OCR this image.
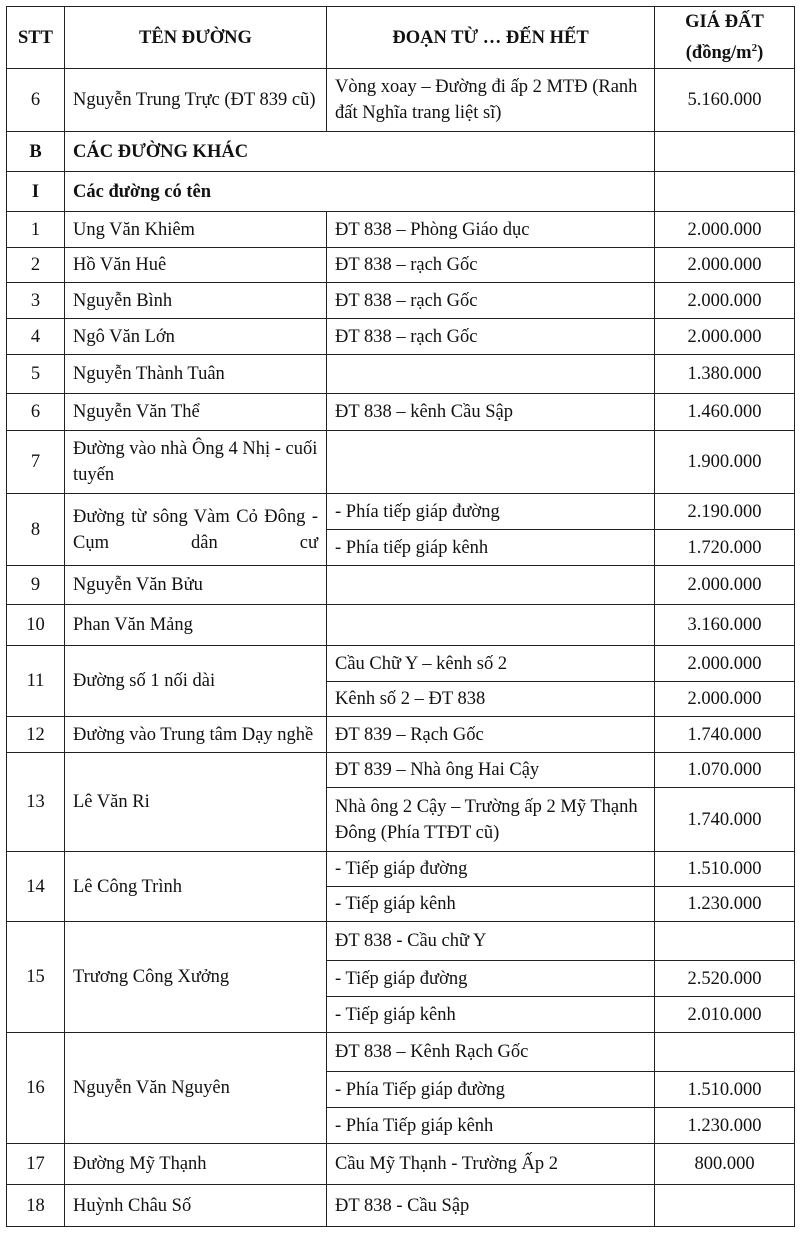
STT	TÊN ĐƯỜNG	ĐOẠN TỪ … ĐẾN HẾT	GIÁ ĐẤT
$(đồng/m^2)$
6	Nguyễn Trung Trực (ĐT 839 cũ)	Vòng xoay – Đường đi ấp 2 MTĐ (Ranh đất Nghĩa trang liệt sĩ)	5.160.000
B	CÁC ĐƯỜNG KHÁC		
I	Các đường có tên		
1	Ung Văn Khiêm	ĐT 838 – Phòng Giáo dục	2.000.000
2	Hồ Văn Huê	ĐT 838 – rạch Gốc	2.000.000
3	Nguyễn Bình	ĐT 838 – rạch Gốc	2.000.000
4	Ngô Văn Lớn	ĐT 838 – rạch Gốc	2.000.000
5	Nguyễn Thành Tuân		1.380.000
6	Nguyễn Văn Thể	ĐT 838 – kênh Cầu Sập	1.460.000
7	Đường vào nhà Ông 4 Nhị - cuối tuyến		1.900.000
8	Đường từ sông Vàm Cỏ Đông - Cụm dân cư	- Phía tiếp giáp đường	2.190.000
		- Phía tiếp giáp kênh	1.720.000
9	Nguyễn Văn Bửu		2.000.000
10	Phan Văn Mảng		3.160.000
11	Đường số 1 nối dài	Cầu Chữ Y – kênh số 2	2.000.000
		Kênh số 2 – ĐT 838	2.000.000
12	Đường vào Trung tâm Dạy nghề	ĐT 839 – Rạch Gốc	1.740.000
13	Lê Văn Ri	ĐT 839 – Nhà ông Hai Cậy	1.070.000
		Nhà ông 2 Cậy – Trường ấp 2 Mỹ Thạnh Đông (Phía TTĐT cũ)	1.740.000
14	Lê Công Trình	- Tiếp giáp đường	1.510.000
		- Tiếp giáp kênh	1.230.000
15	Trương Công Xưởng	ĐT 838 - Cầu chữ Y	
		- Tiếp giáp đường	2.520.000
		- Tiếp giáp kênh	2.010.000
16	Nguyễn Văn Nguyên	ĐT 838 – Kênh Rạch Gốc	
		- Phía Tiếp giáp đường	1.510.000
		- Phía Tiếp giáp kênh	1.230.000
17	Đường Mỹ Thạnh	Cầu Mỹ Thạnh - Trường Ấp 2	800.000
18	Huỳnh Châu Số	ĐT 838 - Cầu Sập	
